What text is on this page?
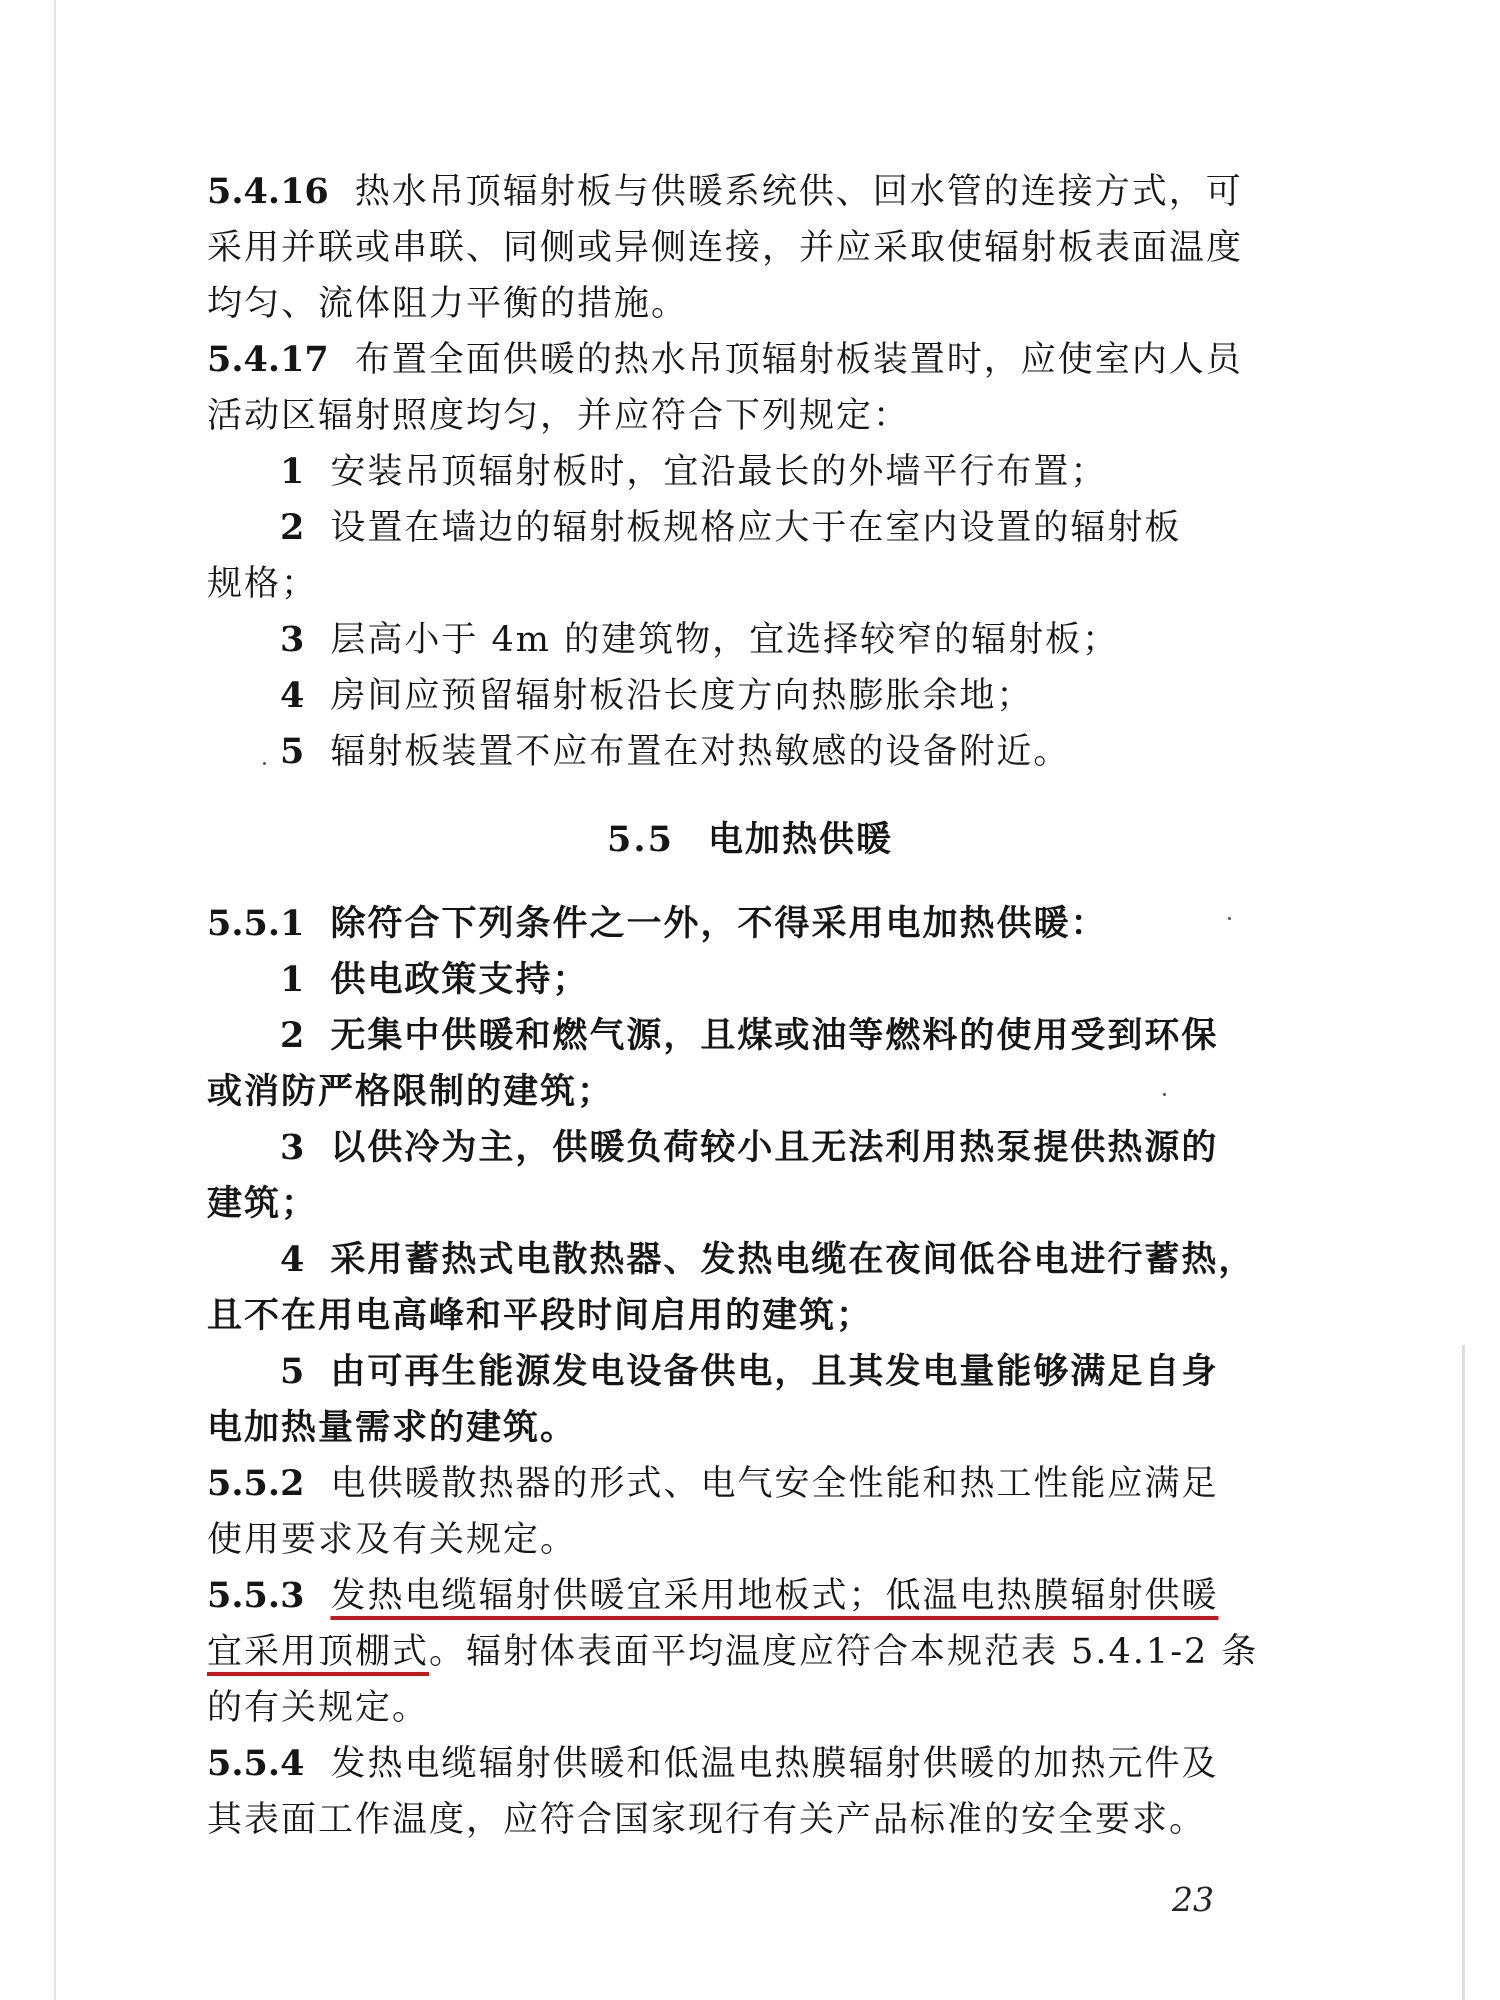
5.4.16 热水吊顶辐射板与供暖系统供、回水管的连接方式，可
采用并联或串联、同侧或异侧连接，并应采取使辐射板表面温度
均匀、流体阻力平衡的措施。
5.4.17 布置全面供暖的热水吊顶辐射板装置时，应使室内人员
活动区辐射照度均匀，并应符合下列规定：
1 安装吊顶辐射板时，宜沿最长的外墙平行布置；
2 设置在墙边的辐射板规格应大于在室内设置的辐射板
规格；
3 层高小于 4m 的建筑物，宜选择较窄的辐射板；
4 房间应预留辐射板沿长度方向热膨胀余地；
5 辐射板装置不应布置在对热敏感的设备附近。
5.5 电加热供暖
5.5.1 除符合下列条件之一外，不得采用电加热供暖：
1 供电政策支持；
2 无集中供暖和燃气源，且煤或油等燃料的使用受到环保
或消防严格限制的建筑；
3 以供冷为主，供暖负荷较小且无法利用热泵提供热源的
建筑；
4 采用蓄热式电散热器、发热电缆在夜间低谷电进行蓄热，
且不在用电高峰和平段时间启用的建筑；
5 由可再生能源发电设备供电，且其发电量能够满足自身
电加热量需求的建筑。
5.5.2 电供暖散热器的形式、电气安全性能和热工性能应满足
使用要求及有关规定。
5.5.3 发热电缆辐射供暖宜采用地板式；低温电热膜辐射供暖
宜采用顶棚式。辐射体表面平均温度应符合本规范表 5.4.1-2 条
的有关规定。
5.5.4 发热电缆辐射供暖和低温电热膜辐射供暖的加热元件及
其表面工作温度，应符合国家现行有关产品标准的安全要求。
23
